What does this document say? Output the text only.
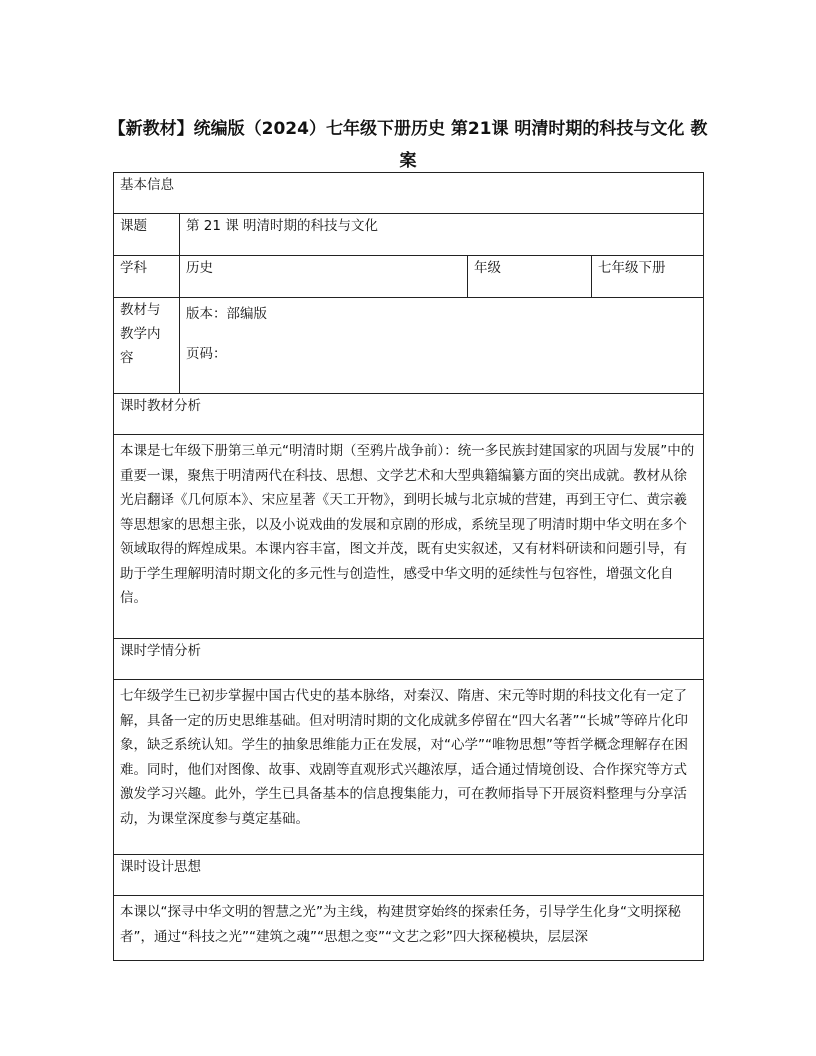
【新教材】统编版（2024）七年级下册历史 第21课 明清时期的科技与文化 教案
基本信息			
课题	第 21 课 明清时期的科技与文化		
学科	历史	年级	七年级下册

教材与教学内容	版本：部编版
页码：		

课时教材分析			

本课是七年级下册第三单元“明清时期（至鸦片战争前）：统一多民族封建国家的巩固与发展”中的重要一课，聚焦于明清两代在科技、思想、文学艺术和大型典籍编纂方面的突出成就。教材从徐光启翻译《几何原本》、宋应星著《天工开物》，到明长城与北京城的营建，再到王守仁、黄宗羲等思想家的思想主张，以及小说戏曲的发展和京剧的形成，系统呈现了明清时期中华文明在多个领域取得的辉煌成果。本课内容丰富，图文并茂，既有史实叙述，又有材料研读和问题引导，有助于学生理解明清时期文化的多元性与创造性，感受中华文明的延续性与包容性，增强文化自信。			

课时学情分析			

七年级学生已初步掌握中国古代史的基本脉络，对秦汉、隋唐、宋元等时期的科技文化有一定了解，具备一定的历史思维基础。但对明清时期的文化成就多停留在“四大名著”“长城”等碎片化印象，缺乏系统认知。学生的抽象思维能力正在发展，对“心学”“唯物思想”等哲学概念理解存在困难。同时，他们对图像、故事、戏剧等直观形式兴趣浓厚，适合通过情境创设、合作探究等方式激发学习兴趣。此外，学生已具备基本的信息搜集能力，可在教师指导下开展资料整理与分享活动，为课堂深度参与奠定基础。			

课时设计思想			

本课以“探寻中华文明的智慧之光”为主线，构建贯穿始终的探索任务，引导学生化身“文明探秘者”，通过“科技之光”“建筑之魂”“思想之变”“文艺之彩”四大探秘模块，层层深			
